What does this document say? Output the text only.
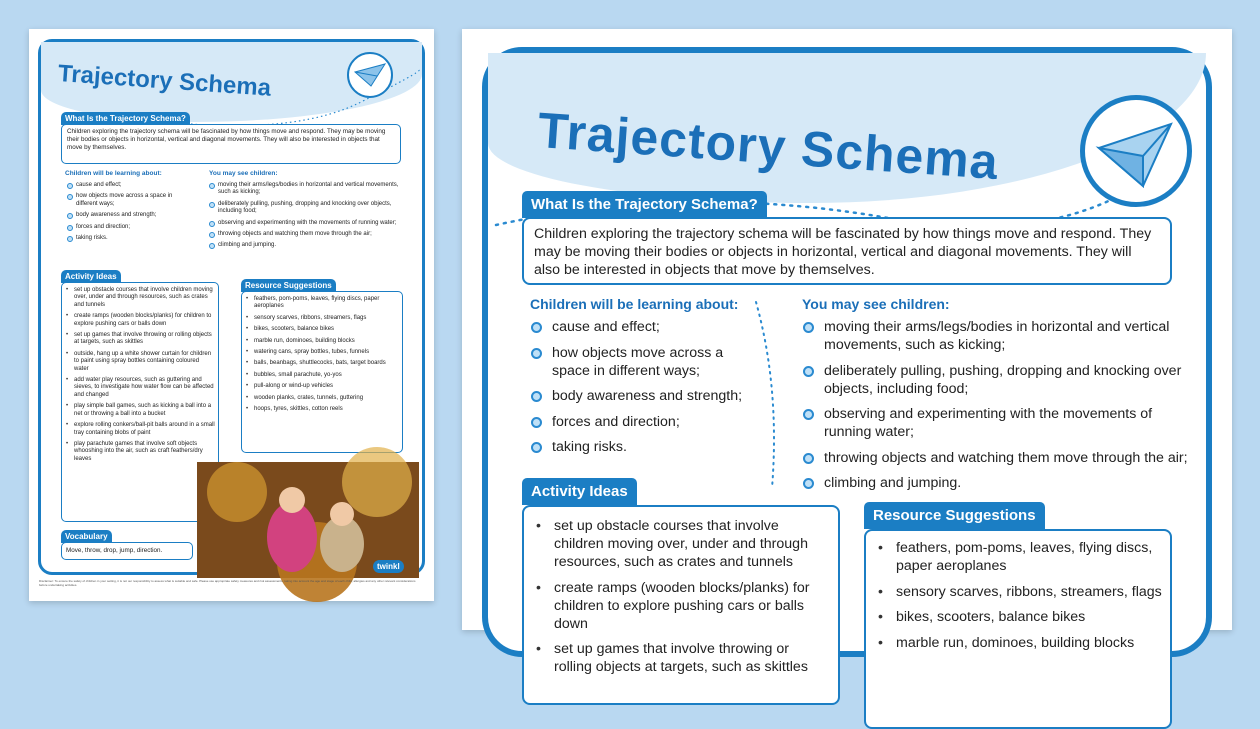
Trajectory Schema
What Is the Trajectory Schema?
Children exploring the trajectory schema will be fascinated by how things move and respond. They may be moving their bodies or objects in horizontal, vertical and diagonal movements. They will also be interested in objects that move by themselves.
Children will be learning about:
cause and effect;
how objects move across a space in different ways;
body awareness and strength;
forces and direction;
taking risks.
You may see children:
moving their arms/legs/bodies in horizontal and vertical movements, such as kicking;
deliberately pulling, pushing, dropping and knocking over objects, including food;
observing and experimenting with the movements of running water;
throwing objects and watching them move through the air;
climbing and jumping.
Activity Ideas
• set up obstacle courses that involve children moving over, under and through resources, such as crates and tunnels
• create ramps (wooden blocks/planks) for children to explore pushing cars or balls down
• set up games that involve throwing or rolling objects at targets, such as skittles
• outside, hang up a white shower curtain for children to paint using spray bottles containing coloured water
• add water play resources, such as guttering and sieves, to investigate how water flow can be affected and changed
• play simple ball games, such as kicking a ball into a net or throwing a ball into a bucket
• explore rolling conkers/ball-pit balls around in a small tray containing blobs of paint
• play parachute games that involve soft objects whooshing into the air, such as craft feathers/dry leaves
Resource Suggestions
• feathers, pom-poms, leaves, flying discs, paper aeroplanes
• sensory scarves, ribbons, streamers, flags
• bikes, scooters, balance bikes
• marble run, dominoes, building blocks
• watering cans, spray bottles, tubes, funnels
• balls, beanbags, shuttlecocks, bats, target boards
• bubbles, small parachute, yo-yos
• pull-along or wind-up vehicles
• wooden planks, crates, tunnels, guttering
• hoops, tyres, skittles, cotton reels
Vocabulary
Move, throw, drop, jump, direction.
twinkl
Disclaimer: To ensure the safety of children in your setting, it is not our responsibility to assess what is suitable and safe. Please use appropriate safety measures and risk assessments, taking into account the age and stage of each child, allergies and any other relevant considerations before undertaking activities.
Trajectory Schema
What Is the Trajectory Schema?
Children exploring the trajectory schema will be fascinated by how things move and respond. They may be moving their bodies or objects in horizontal, vertical and diagonal movements. They will also be interested in objects that move by themselves.
Children will be learning about:
cause and effect;
how objects move across a space in different ways;
body awareness and strength;
forces and direction;
taking risks.
You may see children:
moving their arms/legs/bodies in horizontal and vertical movements, such as kicking;
deliberately pulling, pushing, dropping and knocking over objects, including food;
observing and experimenting with the movements of running water;
throwing objects and watching them move through the air;
climbing and jumping.
Activity Ideas
• set up obstacle courses that involve children moving over, under and through resources, such as crates and tunnels
• create ramps (wooden blocks/planks) for children to explore pushing cars or balls down
• set up games that involve throwing or rolling objects at targets, such as skittles
Resource Suggestions
• feathers, pom-poms, leaves, flying discs, paper aeroplanes
• sensory scarves, ribbons, streamers, flags
• bikes, scooters, balance bikes
• marble run, dominoes, building blocks
